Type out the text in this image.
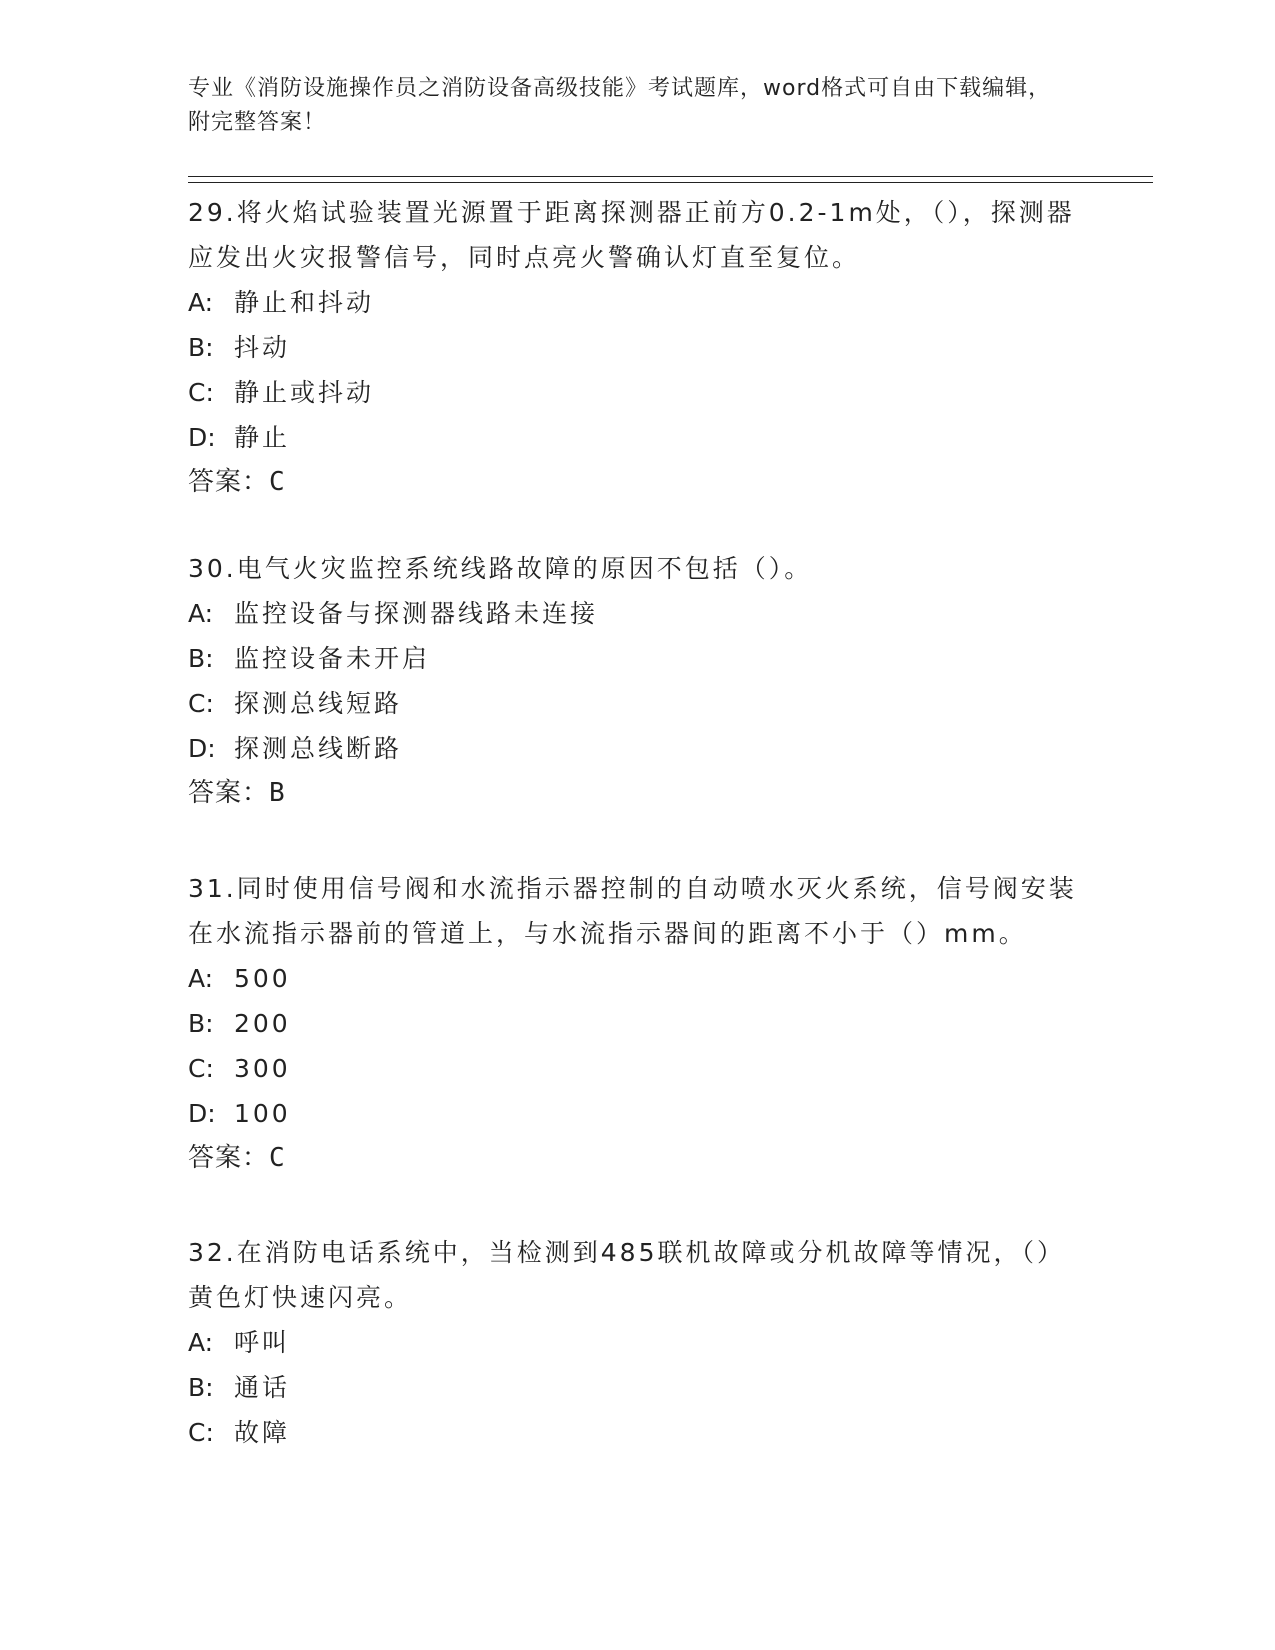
专业《消防设施操作员之消防设备高级技能》考试题库，word格式可自由下载编辑，附完整答案！

29.将火焰试验装置光源置于距离探测器正前方0.2-1m处，（），探测器应发出火灾报警信号，同时点亮火警确认灯直至复位。

A: 静止和抖动

B: 抖动

C: 静止或抖动

D: 静止

答案：C

30.电气火灾监控系统线路故障的原因不包括（）。

A: 监控设备与探测器线路未连接

B: 监控设备未开启

C: 探测总线短路

D: 探测总线断路

答案：B

31.同时使用信号阀和水流指示器控制的自动喷水灭火系统，信号阀安装在水流指示器前的管道上，与水流指示器间的距离不小于（）mm。

A: 500

B: 200

C: 300

D: 100

答案：C

32.在消防电话系统中，当检测到485联机故障或分机故障等情况，（）黄色灯快速闪亮。

A: 呼叫

B: 通话

C: 故障
